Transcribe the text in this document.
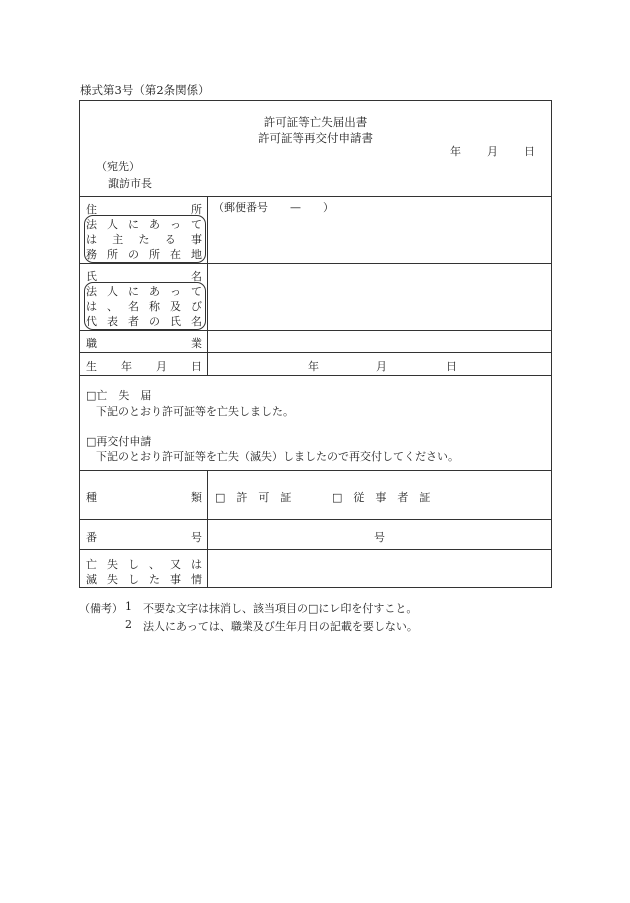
様式第3号（第2条関係）
許可証等亡失届出書
許可証等再交付申請書
年	月	日
（宛先）
諏訪市長
住	所
法 人 に あ っ て
は 主 た る 事
務 所 の 所 在 地
（郵便番号 — ）
氏	名
法 人 に あ っ て
は 、 名 称 及 び
代 表 者 の 氏 名
職	業
生 年 月 日	年	月	日
□亡　失　届
下記のとおり許可証等を亡失しました。
□再交付申請
下記のとおり許可証等を亡失（滅失）しましたので再交付してください。
種	類 □　許　可　証	□　従　事　者　証
番	号	号
亡 失 し 、 又 は
滅 失 し た 事 情
（備考） 1 不要な文字は抹消し、該当項目の□にレ印を付すこと。
2 法人にあっては、職業及び生年月日の記載を要しない。
